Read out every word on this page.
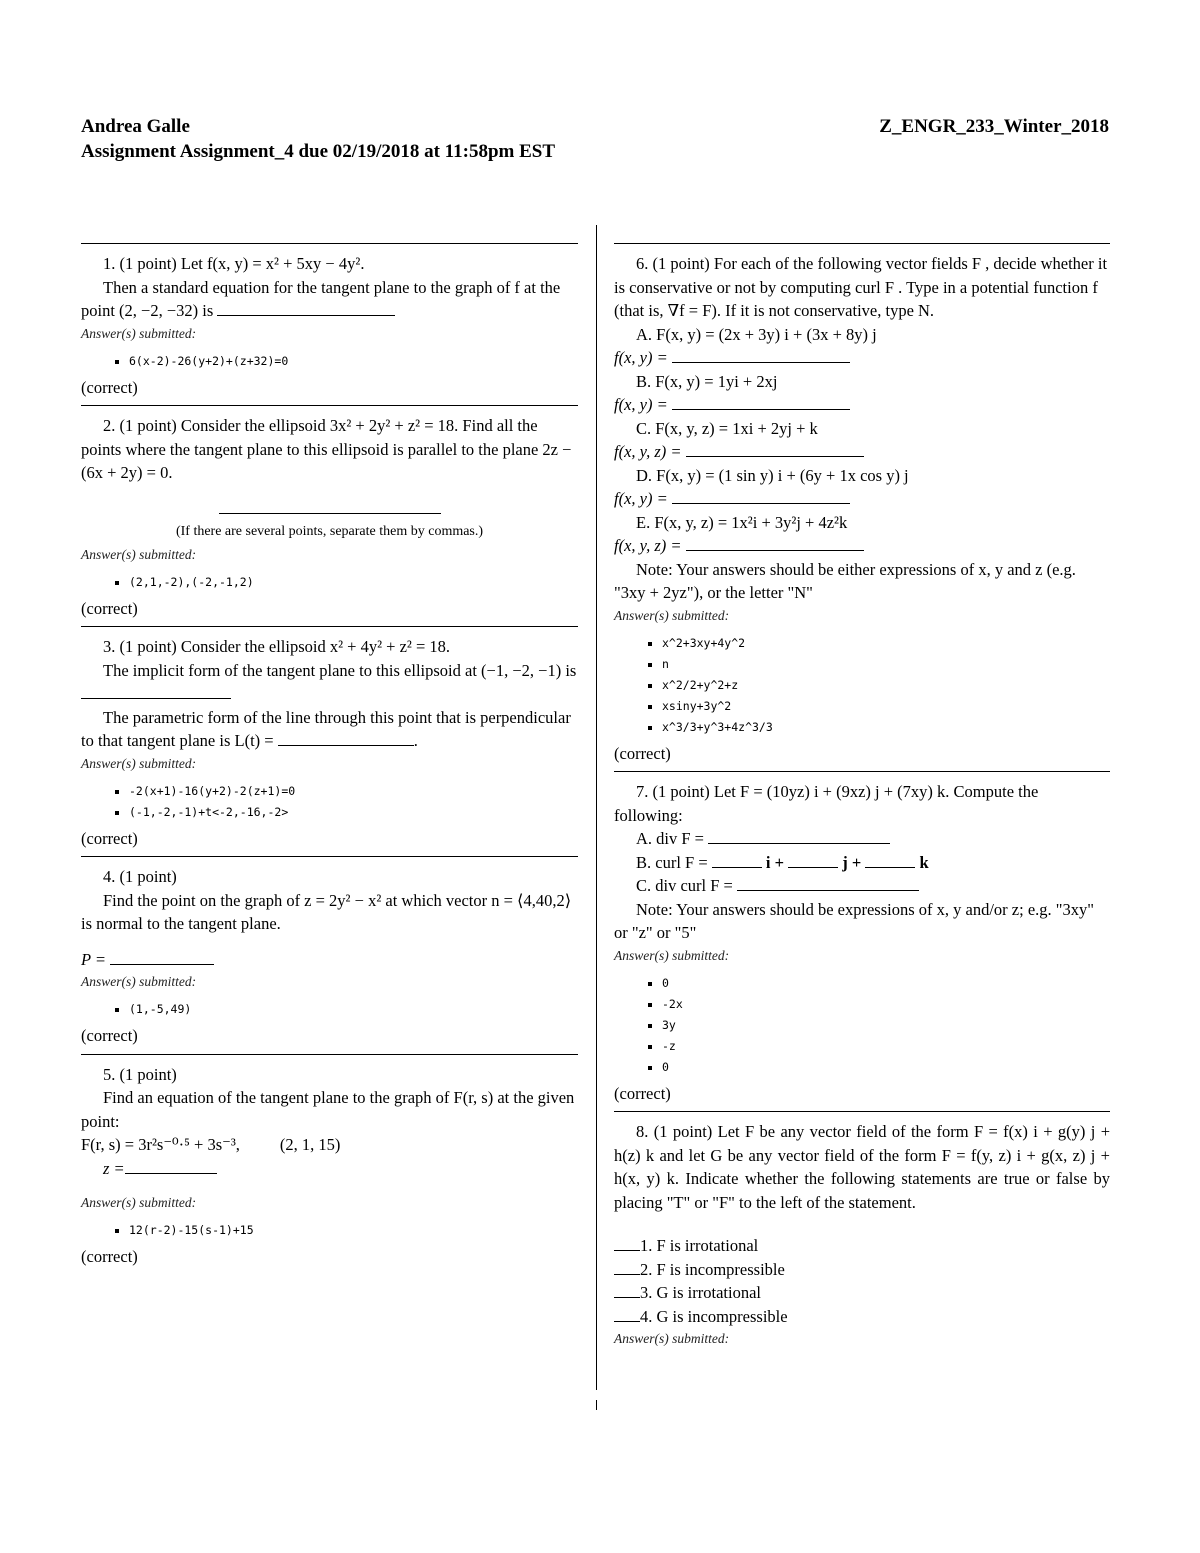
Andrea Galle	Z_ENGR_233_Winter_2018
Assignment Assignment_4 due 02/19/2018 at 11:58pm EST

1. (1 point) Let f(x, y) = x² + 5xy − 4y².

Then a standard equation for the tangent plane to the graph of f at the point (2, −2, −32) is

Answer(s) submitted:

▪ 6(x-2)-26(y+2)+(z+32)=0

(correct)

2. (1 point) Consider the ellipsoid 3x² + 2y² + z² = 18. Find all the points where the tangent plane to this ellipsoid is parallel to the plane 2z − (6x + 2y) = 0.

(If there are several points, separate them by commas.)

Answer(s) submitted:

▪ (2,1,-2),(-2,-1,2)

(correct)

3. (1 point) Consider the ellipsoid x² + 4y² + z² = 18.

The implicit form of the tangent plane to this ellipsoid at (−1, −2, −1) is

The parametric form of the line through this point that is perpendicular to that tangent plane is L(t) =	.

Answer(s) submitted:

▪ -2(x+1)-16(y+2)-2(z+1)=0
▪ (-1,-2,-1)+t<-2,-16,-2>

(correct)

4. (1 point)

Find the point on the graph of z = 2y² − x² at which vector n = ⟨4,40,2⟩ is normal to the tangent plane.

P =

Answer(s) submitted:

▪ (1,-5,49)

(correct)

5. (1 point)

Find an equation of the tangent plane to the graph of F(r, s) at the given point:

F(r, s) = 3r²s⁻⁰·⁵ + 3s⁻³, (2, 1, 15)

z =

Answer(s) submitted:

▪ 12(r-2)-15(s-1)+15

(correct)

6. (1 point) For each of the following vector fields F , decide whether it is conservative or not by computing curl F . Type in a potential function f (that is, ∇f = F). If it is not conservative, type N.

A. F(x, y) = (2x + 3y) i + (3x + 8y) j

f(x, y) =

B. F(x, y) = 1yi + 2xj

f(x, y) =

C. F(x, y, z) = 1xi + 2yj + k

f(x, y, z) =

D. F(x, y) = (1 sin y) i + (6y + 1x cos y) j

f(x, y) =

E. F(x, y, z) = 1x²i + 3y²j + 4z²k

f(x, y, z) =

Note: Your answers should be either expressions of x, y and z (e.g. "3xy + 2yz"), or the letter "N"

Answer(s) submitted:

▪ x^2+3xy+4y^2
▪ n
▪ x^2/2+y^2+z
▪ xsiny+3y^2
▪ x^3/3+y^3+4z^3/3

(correct)

7. (1 point) Let F = (10yz) i + (9xz) j + (7xy) k. Compute the following:

A. div F =

B. curl F =	i +	j +	k

C. div curl F =

Note: Your answers should be expressions of x, y and/or z; e.g. "3xy" or "z" or "5"

Answer(s) submitted:

▪ 0
▪ -2x
▪ 3y
▪ -z
▪ 0

(correct)

8. (1 point) Let F be any vector field of the form F = f(x) i + g(y) j + h(z) k and let G be any vector field of the form F = f(y, z) i + g(x, z) j + h(x, y) k. Indicate whether the following statements are true or false by placing "T" or "F" to the left of the statement.

1. F is irrotational

2. F is incompressible

3. G is irrotational

4. G is incompressible

Answer(s) submitted:
